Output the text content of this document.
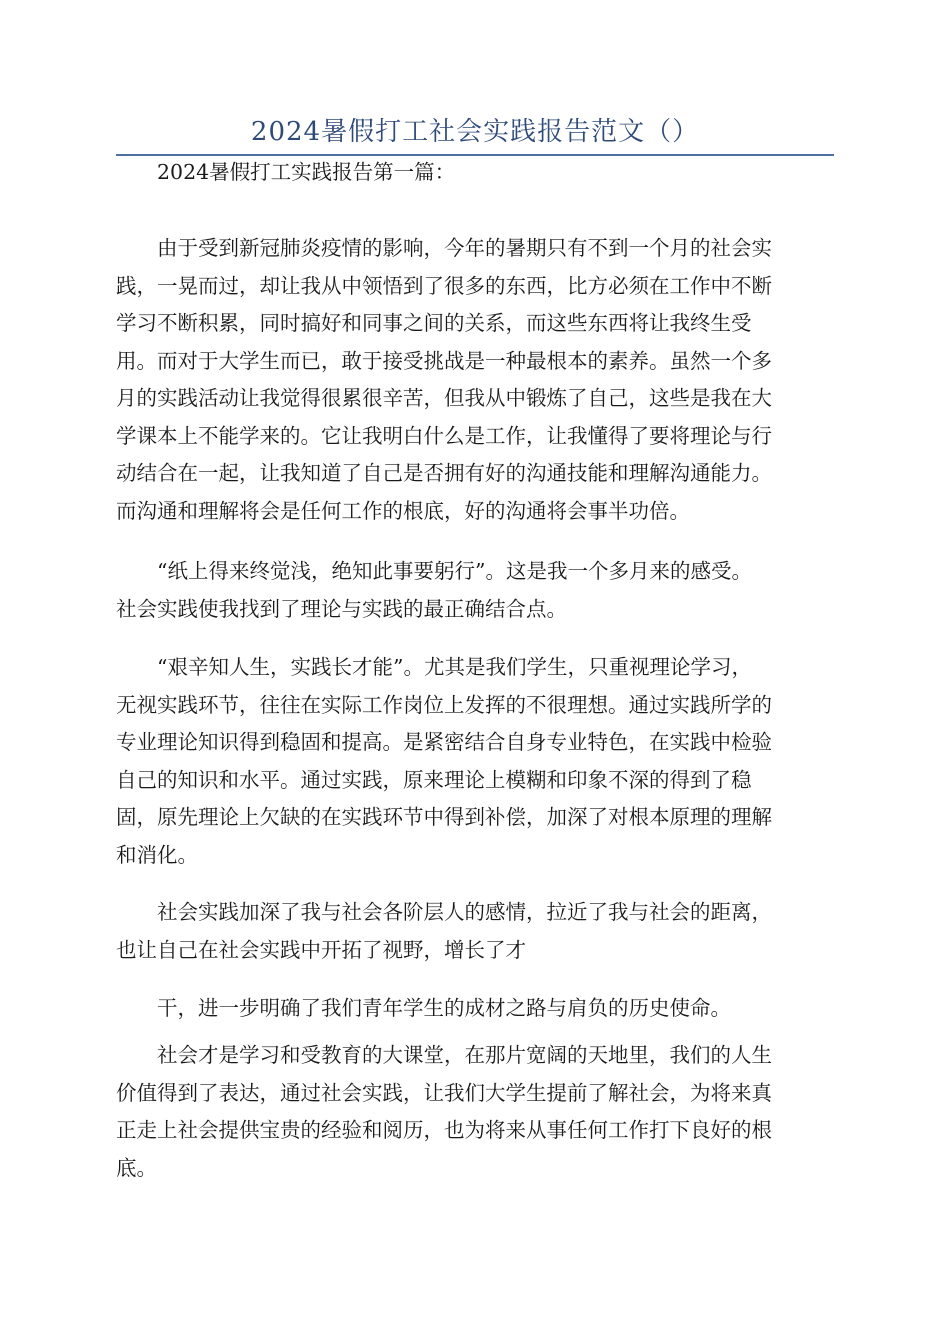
2024暑假打工社会实践报告范文（）

2024暑假打工实践报告第一篇：

由于受到新冠肺炎疫情的影响，今年的暑期只有不到一个月的社会实
践，一晃而过，却让我从中领悟到了很多的东西，比方必须在工作中不断
学习不断积累，同时搞好和同事之间的关系，而这些东西将让我终生受
用。而对于大学生而已，敢于接受挑战是一种最根本的素养。虽然一个多
月的实践活动让我觉得很累很辛苦，但我从中锻炼了自己，这些是我在大
学课本上不能学来的。它让我明白什么是工作，让我懂得了要将理论与行
动结合在一起，让我知道了自己是否拥有好的沟通技能和理解沟通能力。
而沟通和理解将会是任何工作的根底，好的沟通将会事半功倍。

“纸上得来终觉浅，绝知此事要躬行”。这是我一个多月来的感受。
社会实践使我找到了理论与实践的最正确结合点。

“艰辛知人生，实践长才能”。尤其是我们学生，只重视理论学习，
无视实践环节，往往在实际工作岗位上发挥的不很理想。通过实践所学的
专业理论知识得到稳固和提高。是紧密结合自身专业特色，在实践中检验
自己的知识和水平。通过实践，原来理论上模糊和印象不深的得到了稳
固，原先理论上欠缺的在实践环节中得到补偿，加深了对根本原理的理解
和消化。

社会实践加深了我与社会各阶层人的感情，拉近了我与社会的距离，
也让自己在社会实践中开拓了视野，增长了才

干，进一步明确了我们青年学生的成材之路与肩负的历史使命。

社会才是学习和受教育的大课堂，在那片宽阔的天地里，我们的人生
价值得到了表达，通过社会实践，让我们大学生提前了解社会，为将来真
正走上社会提供宝贵的经验和阅历，也为将来从事任何工作打下良好的根
底。
